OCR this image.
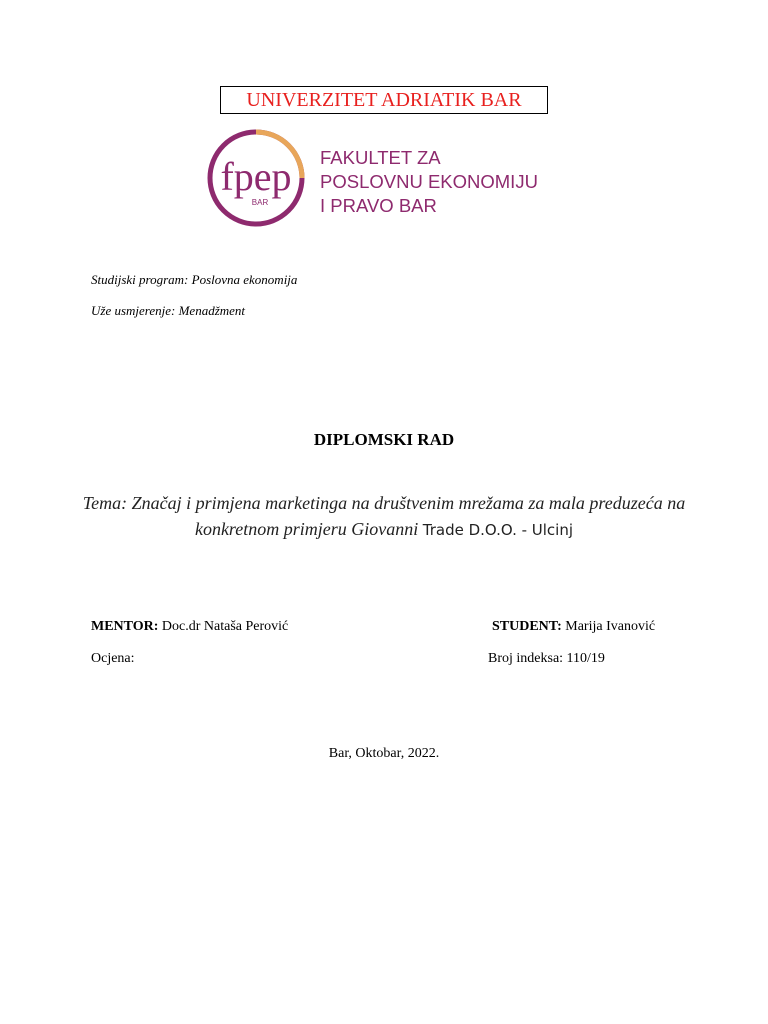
UNIVERZITET ADRIATIK BAR
fpep
BAR
FAKULTET ZA
POSLOVNU EKONOMIJU
I PRAVO BAR
Studijski program: Poslovna ekonomija
Uže usmjerenje: Menadžment
DIPLOMSKI RAD
Tema: Značaj i primjena marketinga na društvenim mrežama za mala preduzeća na konkretnom primjeru Giovanni Trade D.O.O. - Ulcinj
MENTOR: Doc.dr Nataša Perović	STUDENT: Marija Ivanović
Ocjena:	Broj indeksa: 110/19
Bar, Oktobar, 2022.
